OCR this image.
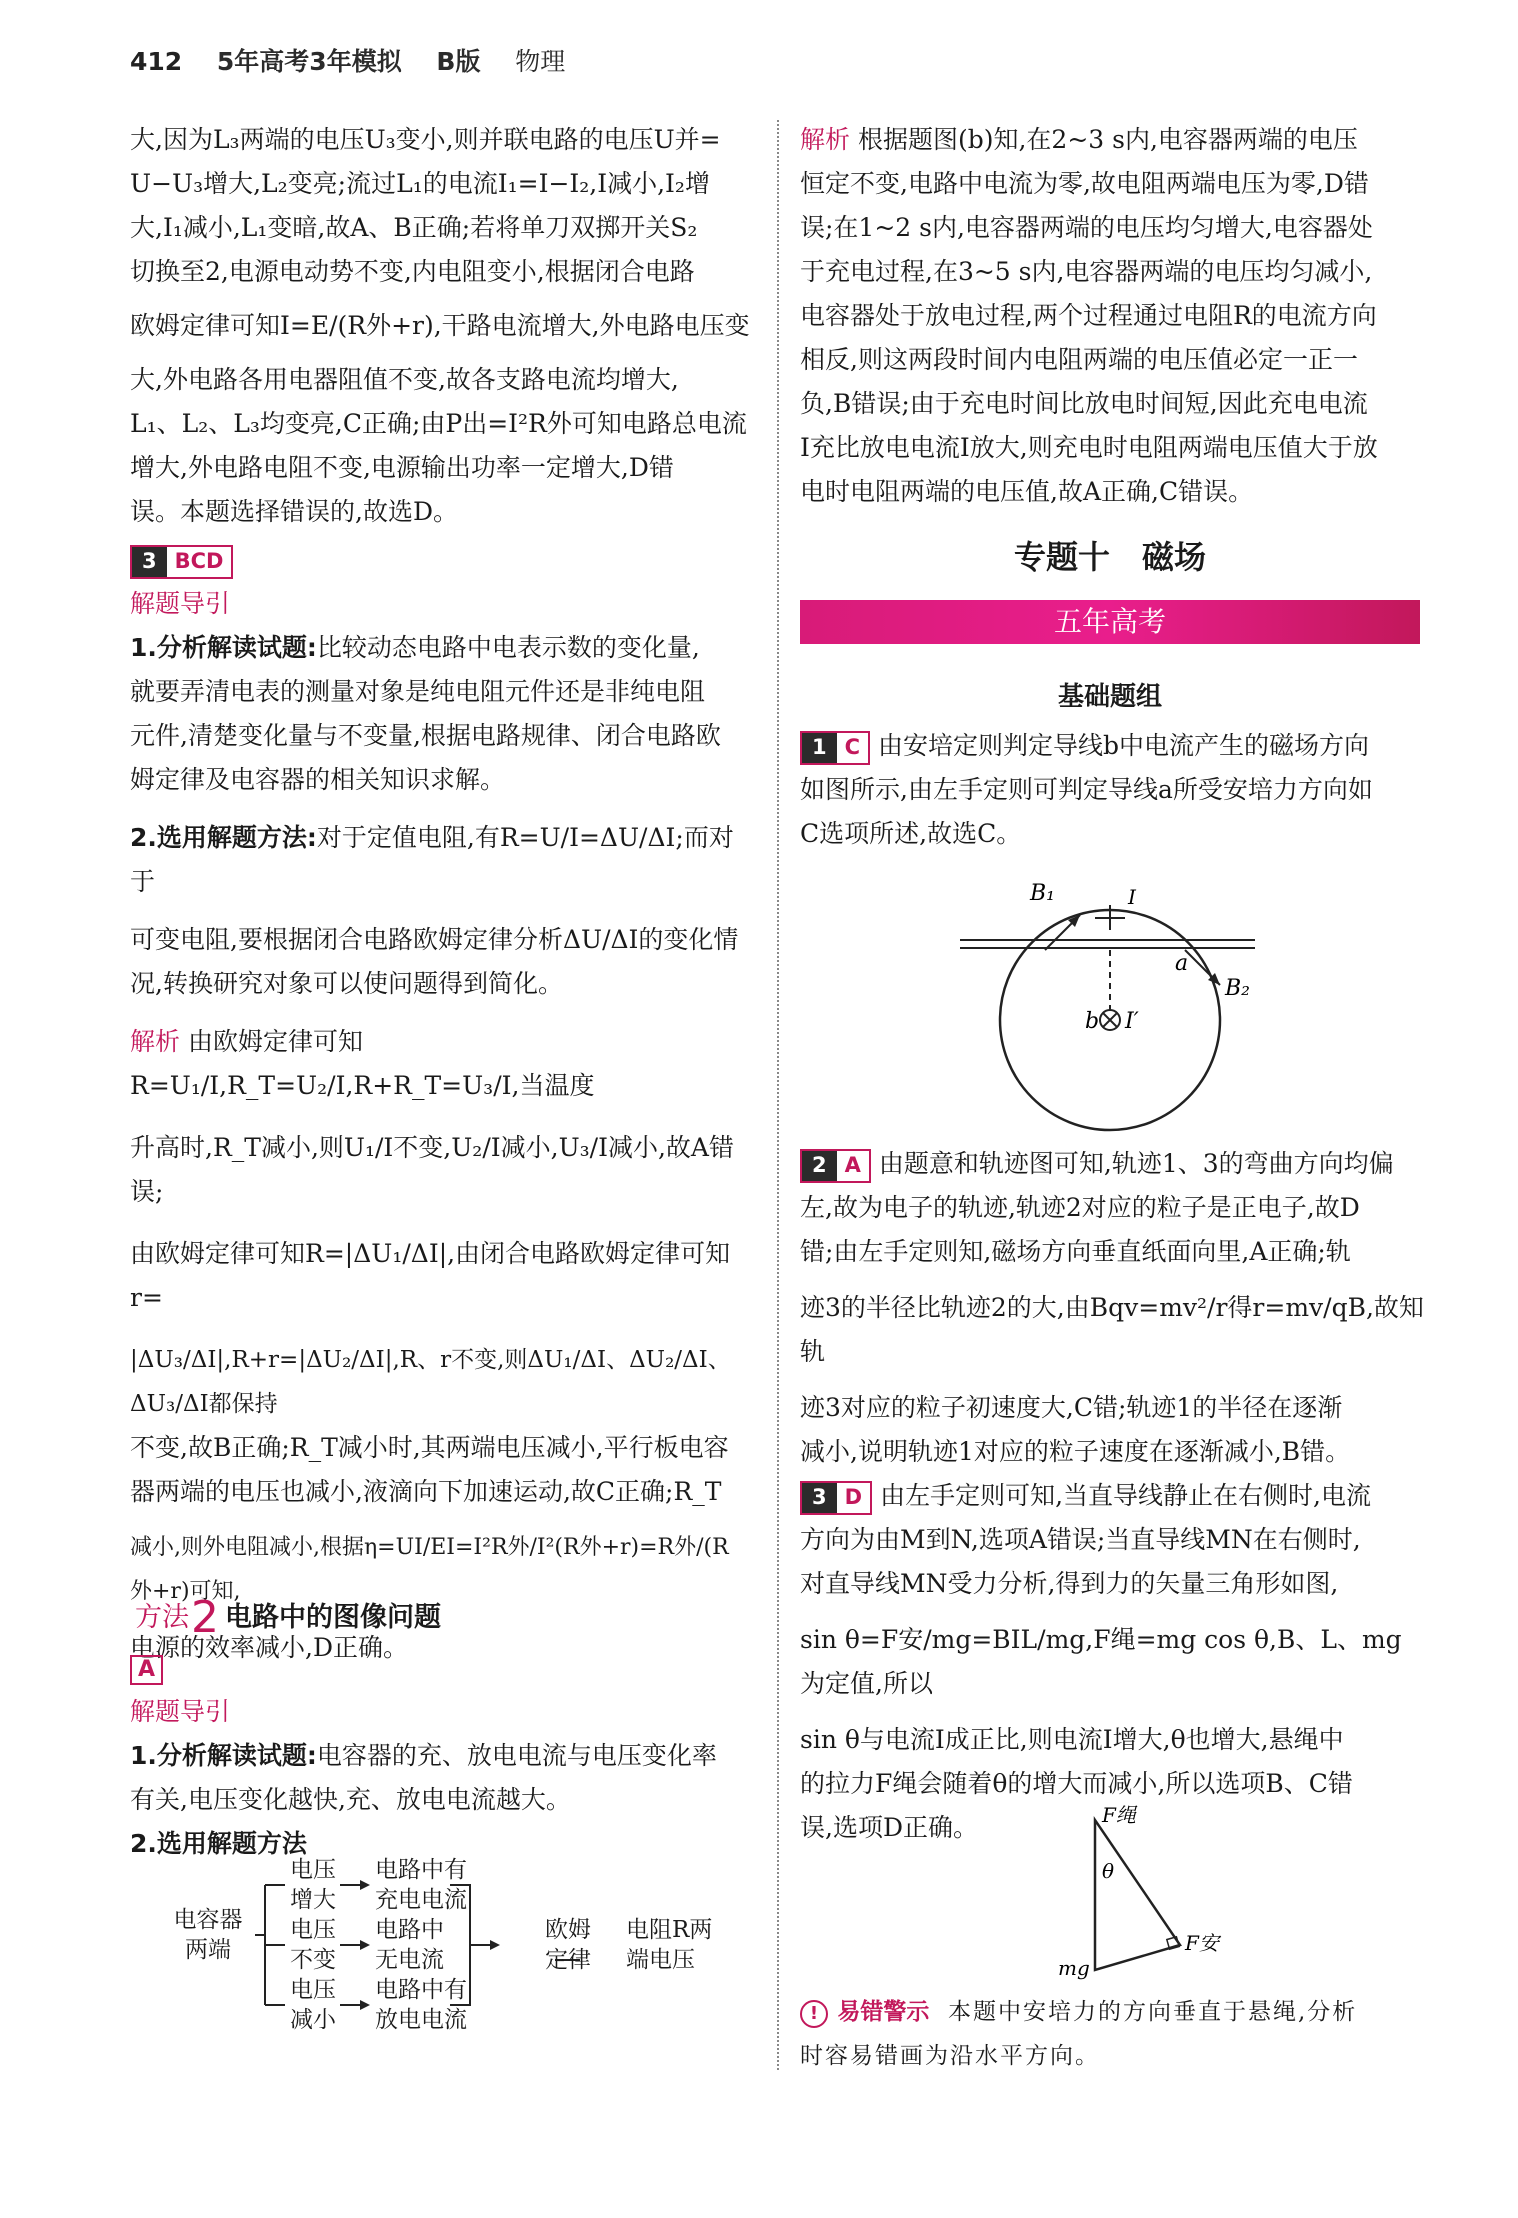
412 5年高考3年模拟 B版 物理

大,因为L₃两端的电压U₃变小,则并联电路的电压U并=

U−U₃增大,L₂变亮;流过L₁的电流I₁=I−I₂,I减小,I₂增

大,I₁减小,L₁变暗,故A、B正确;若将单刀双掷开关S₂

切换至2,电源电动势不变,内电阻变小,根据闭合电路

欧姆定律可知I=E/(R外+r),干路电流增大,外电路电压变

大,外电路各用电器阻值不变,故各支路电流均增大,

L₁、L₂、L₃均变亮,C正确;由P出=I²R外可知电路总电流

增大,外电路电阻不变,电源输出功率一定增大,D错

误。本题选择错误的,故选D。

3 BCD

解题导引

1.分析解读试题:比较动态电路中电表示数的变化量,

就要弄清电表的测量对象是纯电阻元件还是非纯电阻

元件,清楚变化量与不变量,根据电路规律、闭合电路欧

姆定律及电容器的相关知识求解。

2.选用解题方法:对于定值电阻,有R=U/I=ΔU/ΔI;而对于

可变电阻,要根据闭合电路欧姆定律分析ΔU/ΔI的变化情

况,转换研究对象可以使问题得到简化。

解析 由欧姆定律可知R=U₁/I,R_T=U₂/I,R+R_T=U₃/I,当温度

升高时,R_T减小,则U₁/I不变,U₂/I减小,U₃/I减小,故A错误;

由欧姆定律可知R=|ΔU₁/ΔI|,由闭合电路欧姆定律可知r=

|ΔU₃/ΔI|,R+r=|ΔU₂/ΔI|,R、r不变,则ΔU₁/ΔI、ΔU₂/ΔI、ΔU₃/ΔI都保持

不变,故B正确;R_T减小时,其两端电压减小,平行板电容

器两端的电压也减小,液滴向下加速运动,故C正确;R_T

减小,则外电阻减小,根据η=UI/EI=I²R外/I²(R外+r)=R外/(R外+r)可知,

电源的效率减小,D正确。

方法2 电路中的图像问题

A

解题导引

1.分析解读试题:电容器的充、放电电流与电压变化率

有关,电压变化越快,充、放电电流越大。

2.选用解题方法

电容器
两端
电压
增大
电压
不变
电压
减小
电路中有
充电电流
电路中
无电流
电路中有
放电电流
欧姆
定律
电阻R两
端电压

解析 根据题图(b)知,在2~3 s内,电容器两端的电压

恒定不变,电路中电流为零,故电阻两端电压为零,D错

误;在1~2 s内,电容器两端的电压均匀增大,电容器处

于充电过程,在3~5 s内,电容器两端的电压均匀减小,

电容器处于放电过程,两个过程通过电阻R的电流方向

相反,则这两段时间内电阻两端的电压值必定一正一

负,B错误;由于充电时间比放电时间短,因此充电电流

I充比放电电流I放大,则充电时电阻两端电压值大于放

电时电阻两端的电压值,故A正确,C错误。

专题十　磁场
五年高考
基础题组

1 C 由安培定则判定导线b中电流产生的磁场方向

如图所示,由左手定则可判定导线a所受安培力方向如

C选项所述,故选C。

B₁
B₂
a
I
b I′

2 A 由题意和轨迹图可知,轨迹1、3的弯曲方向均偏

左,故为电子的轨迹,轨迹2对应的粒子是正电子,故D

错;由左手定则知,磁场方向垂直纸面向里,A正确;轨

迹3的半径比轨迹2的大,由Bqv=mv²/r得r=mv/qB,故知轨

迹3对应的粒子初速度大,C错;轨迹1的半径在逐渐

减小,说明轨迹1对应的粒子速度在逐渐减小,B错。

3 D 由左手定则可知,当直导线静止在右侧时,电流

方向为由M到N,选项A错误;当直导线MN在右侧时,

对直导线MN受力分析,得到力的矢量三角形如图,

sin θ=F安/mg=BIL/mg,F绳=mg cos θ,B、L、mg为定值,所以

sin θ与电流I成正比,则电流I增大,θ也增大,悬绳中

的拉力F绳会随着θ的增大而减小,所以选项B、C错

误,选项D正确。	F绳
θ
F安
mg

! 易错警示 本题中安培力的方向垂直于悬绳,分析

时容易错画为沿水平方向。
